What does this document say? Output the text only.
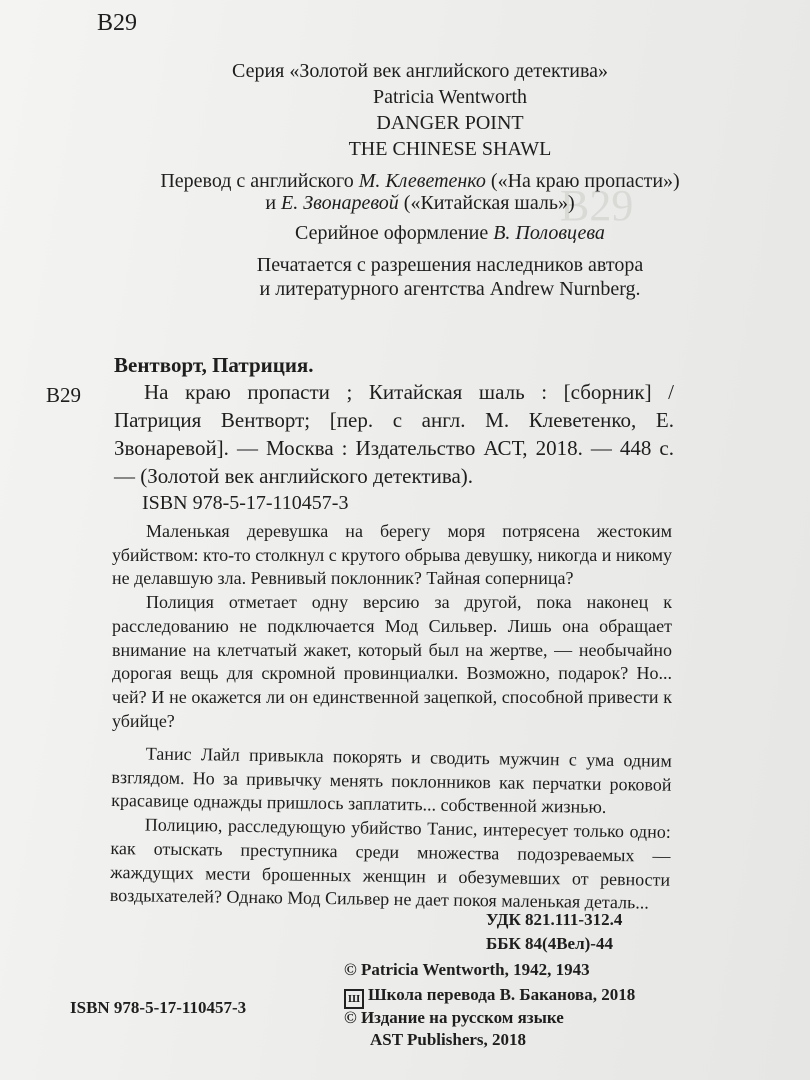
В29
В29
Серия «Золотой век английского детектива»
Patricia Wentworth
DANGER POINT
THE CHINESE SHAWL
Перевод с английского М. Клеветенко («На краю пропасти»)
и Е. Звонаревой («Китайская шаль»)
Серийное оформление В. Половцева
Печатается с разрешения наследников автора
и литературного агентства Andrew Nurnberg.
Вентворт, Патриция.
В29	На краю пропасти ; Китайская шаль : [сборник] / Патриция Вентворт; [пер. с англ. М. Клеветенко, Е. Звонаревой]. — Москва : Издательство АСТ, 2018. — 448 с. — (Золотой век английского детектива).
ISBN 978-5-17-110457-3

Маленькая деревушка на берегу моря потрясена жестоким убийством: кто-то столкнул с крутого обрыва девушку, никогда и никому не делавшую зла. Ревнивый поклонник? Тайная соперница?

Полиция отметает одну версию за другой, пока наконец к расследованию не подключается Мод Сильвер. Лишь она обращает внимание на клетчатый жакет, который был на жертве, — необычайно дорогая вещь для скромной провинциалки. Возможно, подарок? Но... чей? И не окажется ли он единственной зацепкой, способной привести к убийце?

Танис Лайл привыкла покорять и сводить мужчин с ума одним взглядом. Но за привычку менять поклонников как перчатки роковой красавице однажды пришлось заплатить... собственной жизнью.

Полицию, расследующую убийство Танис, интересует только одно: как отыскать преступника среди множества подозреваемых — жаждущих мести брошенных женщин и обезумевших от ревности воздыхателей? Однако Мод Сильвер не дает покоя маленькая деталь...

УДК 821.111-312.4
ББК 84(4Вел)-44
© Patricia Wentworth, 1942, 1943
Ш Школа перевода В. Баканова, 2018
© Издание на русском языке
AST Publishers, 2018
ISBN 978-5-17-110457-3
